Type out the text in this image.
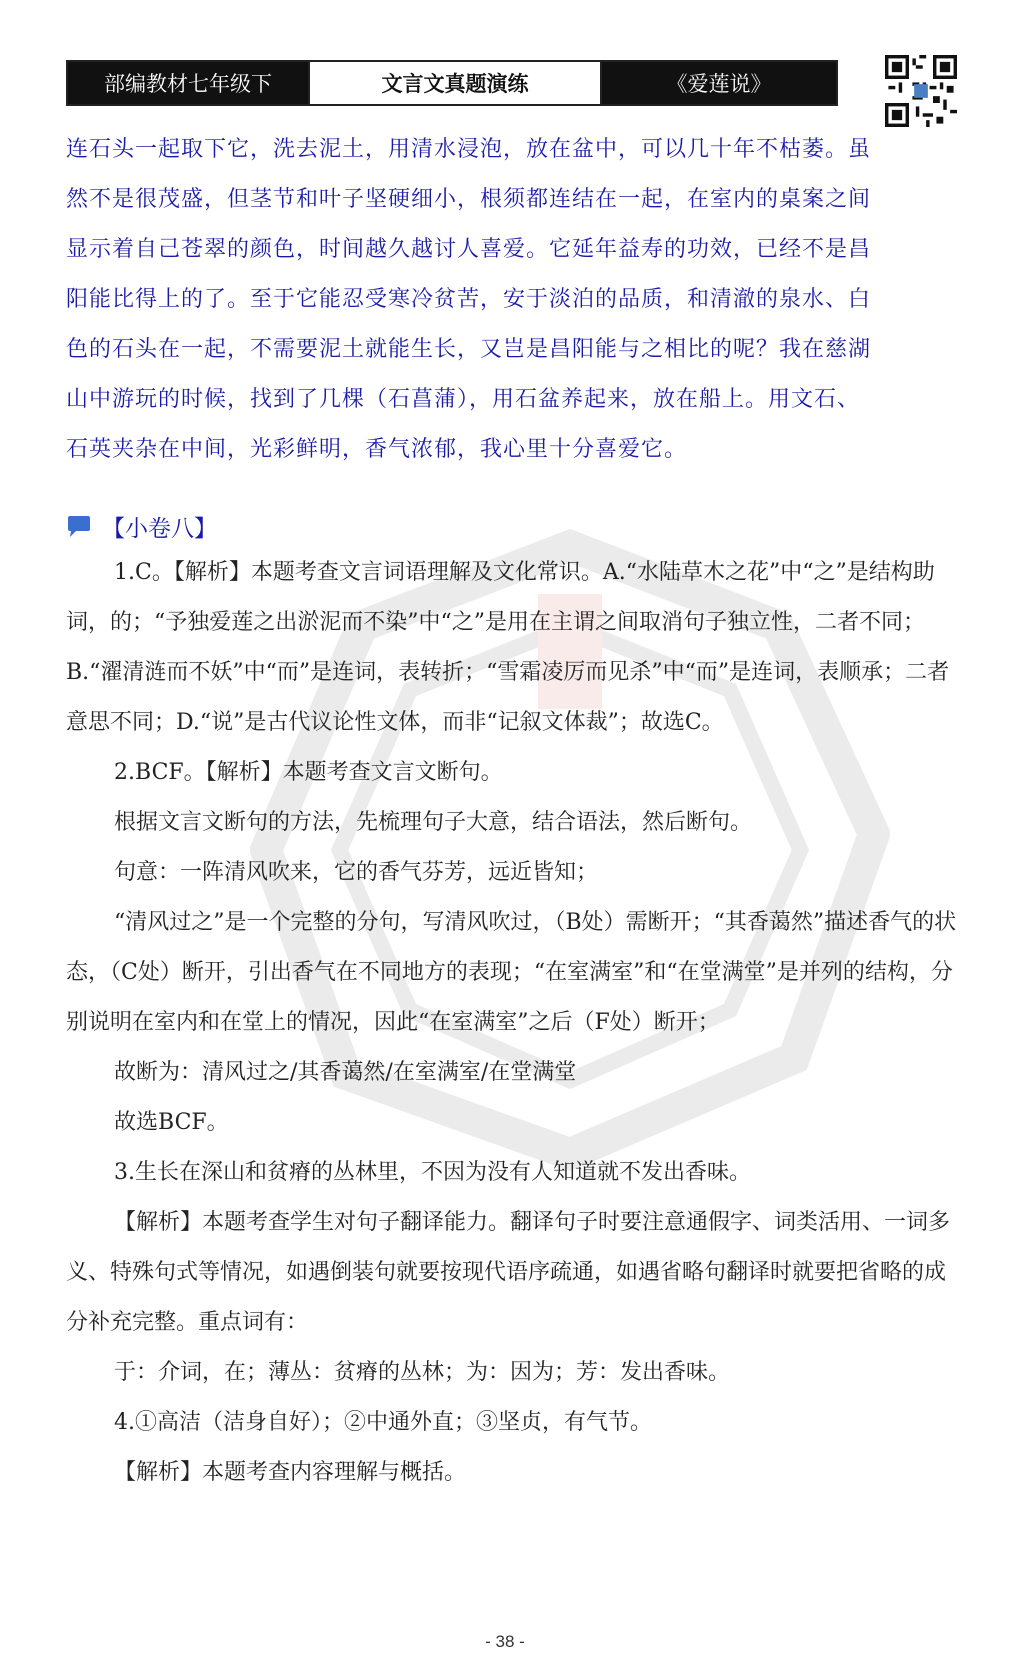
部编教材七年级下	文言文真题演练	《爱莲说》
连石头一起取下它，洗去泥土，用清水浸泡，放在盆中，可以几十年不枯萎。虽
然不是很茂盛，但茎节和叶子坚硬细小，根须都连结在一起，在室内的桌案之间
显示着自己苍翠的颜色，时间越久越讨人喜爱。它延年益寿的功效，已经不是昌
阳能比得上的了。至于它能忍受寒冷贫苦，安于淡泊的品质，和清澈的泉水、白
色的石头在一起，不需要泥土就能生长，又岂是昌阳能与之相比的呢？我在慈湖
山中游玩的时候，找到了几棵（石菖蒲），用石盆养起来，放在船上。用文石、
石英夹杂在中间，光彩鲜明，香气浓郁，我心里十分喜爱它。
【小卷八】

1.C。【解析】本题考查文言词语理解及文化常识。A.“水陆草木之花”中“之”是结构助词，的；“予独爱莲之出淤泥而不染”中“之”是用在主谓之间取消句子独立性，二者不同；B.“濯清涟而不妖”中“而”是连词，表转折；“雪霜凌厉而见杀”中“而”是连词，表顺承；二者意思不同；D.“说”是古代议论性文体，而非“记叙文体裁”；故选C。

2.BCF。【解析】本题考查文言文断句。

根据文言文断句的方法，先梳理句子大意，结合语法，然后断句。

句意：一阵清风吹来，它的香气芬芳，远近皆知；

“清风过之”是一个完整的分句，写清风吹过，（B处）需断开；“其香蔼然”描述香气的状态，（C处）断开，引出香气在不同地方的表现；“在室满室”和“在堂满堂”是并列的结构，分别说明在室内和在堂上的情况，因此“在室满室”之后（F处）断开；

故断为：清风过之/其香蔼然/在室满室/在堂满堂

故选BCF。

3.生长在深山和贫瘠的丛林里，不因为没有人知道就不发出香味。

【解析】本题考查学生对句子翻译能力。翻译句子时要注意通假字、词类活用、一词多义、特殊句式等情况，如遇倒装句就要按现代语序疏通，如遇省略句翻译时就要把省略的成分补充完整。重点词有：

于：介词，在；薄丛：贫瘠的丛林；为：因为；芳：发出香味。

4.①高洁（洁身自好）；②中通外直；③坚贞，有气节。

【解析】本题考查内容理解与概括。

- 38 -
